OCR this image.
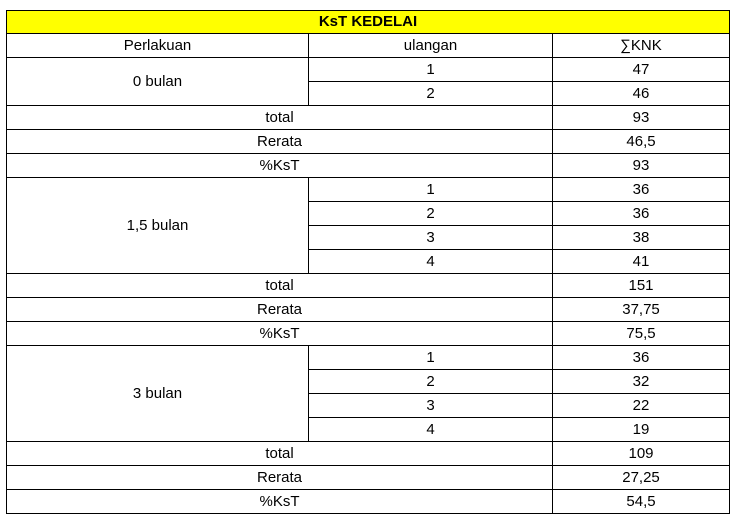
KsT KEDELAI		
Perlakuan	ulangan	∑KNK
0 bulan	1	47
	2	46
total		93
Rerata		46,5
%KsT		93
1,5 bulan	1	36
	2	36
	3	38
	4	41
total		151
Rerata		37,75
%KsT		75,5
3 bulan	1	36
	2	32
	3	22
	4	19
total		109
Rerata		27,25
%KsT		54,5
